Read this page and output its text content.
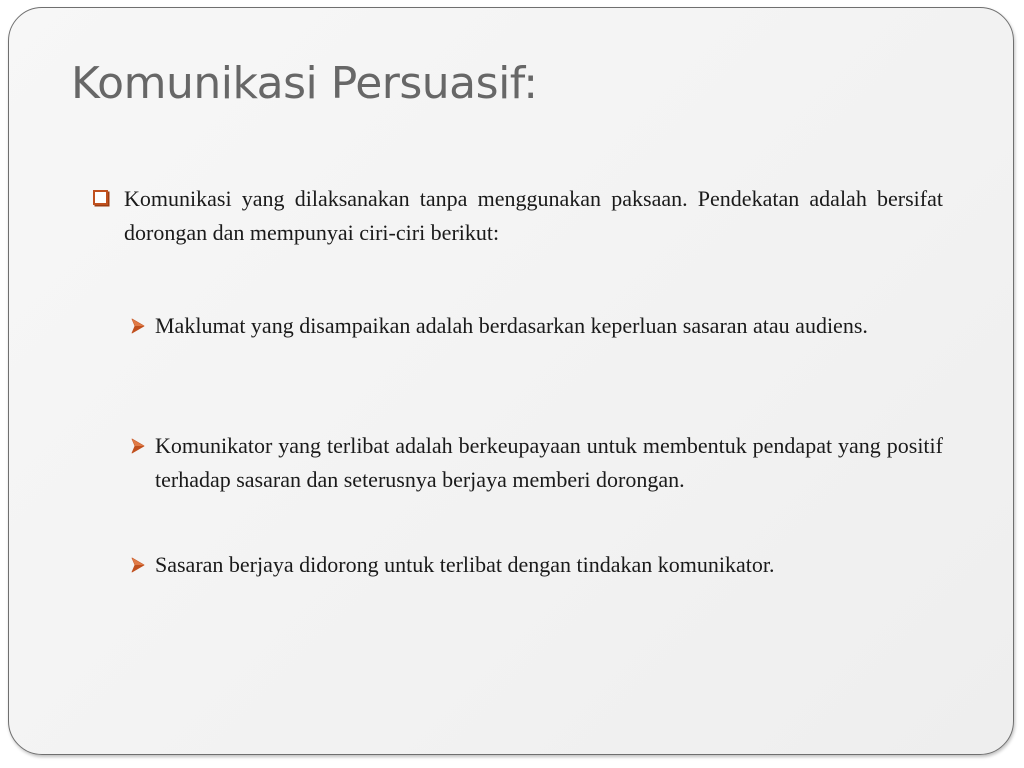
Komunikasi Persuasif:
Komunikasi yang dilaksanakan tanpa menggunakan paksaan. Pendekatan adalah bersifat dorongan dan mempunyai ciri-ciri berikut:
Maklumat yang disampaikan adalah berdasarkan keperluan sasaran atau audiens.
Komunikator yang terlibat adalah berkeupayaan untuk membentuk pendapat yang positif terhadap sasaran dan seterusnya berjaya memberi dorongan.
Sasaran berjaya didorong untuk terlibat dengan tindakan komunikator.
